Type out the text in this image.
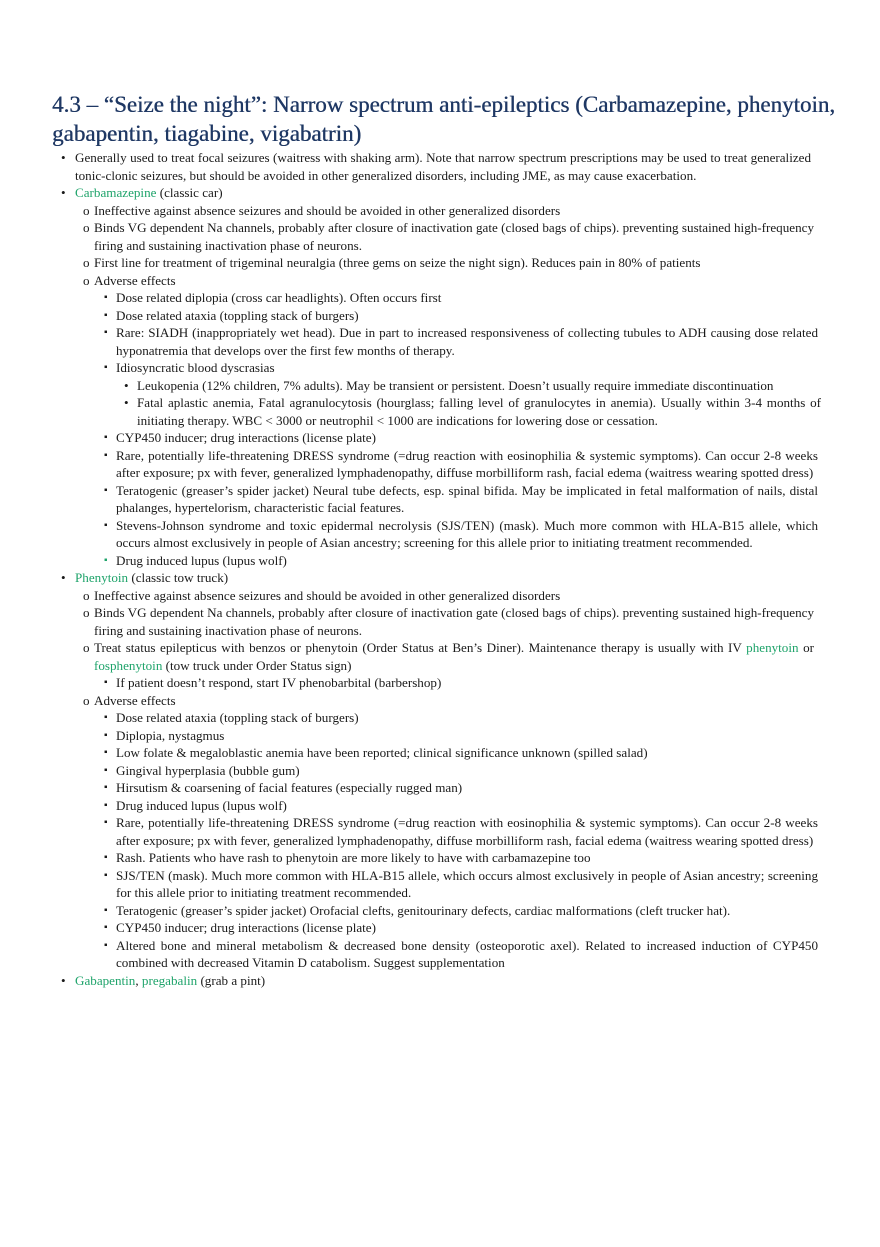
4.3 – “Seize the night”: Narrow spectrum anti-epileptics (Carbamazepine, phenytoin, gabapentin, tiagabine, vigabatrin)
• Generally used to treat focal seizures (waitress with shaking arm). Note that narrow spectrum prescriptions may be used to treat generalized tonic-clonic seizures, but should be avoided in other generalized disorders, including JME, as may cause exacerbation.
• Carbamazepine (classic car)
o Ineffective against absence seizures and should be avoided in other generalized disorders
o Binds VG dependent Na channels, probably after closure of inactivation gate (closed bags of chips). preventing sustained high-frequency firing and sustaining inactivation phase of neurons.
o First line for treatment of trigeminal neuralgia (three gems on seize the night sign). Reduces pain in 80% of patients
o Adverse effects
▪ Dose related diplopia (cross car headlights). Often occurs first
▪ Dose related ataxia (toppling stack of burgers)
▪ Rare: SIADH (inappropriately wet head). Due in part to increased responsiveness of collecting tubules to ADH causing dose related hyponatremia that develops over the first few months of therapy.
▪ Idiosyncratic blood dyscrasias
• Leukopenia (12% children, 7% adults). May be transient or persistent. Doesn’t usually require immediate discontinuation
• Fatal aplastic anemia, Fatal agranulocytosis (hourglass; falling level of granulocytes in anemia). Usually within 3-4 months of initiating therapy. WBC < 3000 or neutrophil < 1000 are indications for lowering dose or cessation.
▪ CYP450 inducer; drug interactions (license plate)
▪ Rare, potentially life-threatening DRESS syndrome (=drug reaction with eosinophilia & systemic symptoms). Can occur 2-8 weeks after exposure; px with fever, generalized lymphadenopathy, diffuse morbilliform rash, facial edema (waitress wearing spotted dress)
▪ Teratogenic (greaser’s spider jacket) Neural tube defects, esp. spinal bifida. May be implicated in fetal malformation of nails, distal phalanges, hypertelorism, characteristic facial features.
▪ Stevens-Johnson syndrome and toxic epidermal necrolysis (SJS/TEN) (mask). Much more common with HLA-B15 allele, which occurs almost exclusively in people of Asian ancestry; screening for this allele prior to initiating treatment recommended.
▪ Drug induced lupus (lupus wolf)
• Phenytoin (classic tow truck)
o Ineffective against absence seizures and should be avoided in other generalized disorders
o Binds VG dependent Na channels, probably after closure of inactivation gate (closed bags of chips). preventing sustained high-frequency firing and sustaining inactivation phase of neurons.
o Treat status epilepticus with benzos or phenytoin (Order Status at Ben’s Diner). Maintenance therapy is usually with IV phenytoin or fosphenytoin (tow truck under Order Status sign)
▪ If patient doesn’t respond, start IV phenobarbital (barbershop)
o Adverse effects
▪ Dose related ataxia (toppling stack of burgers)
▪ Diplopia, nystagmus
▪ Low folate & megaloblastic anemia have been reported; clinical significance unknown (spilled salad)
▪ Gingival hyperplasia (bubble gum)
▪ Hirsutism & coarsening of facial features (especially rugged man)
▪ Drug induced lupus (lupus wolf)
▪ Rare, potentially life-threatening DRESS syndrome (=drug reaction with eosinophilia & systemic symptoms). Can occur 2-8 weeks after exposure; px with fever, generalized lymphadenopathy, diffuse morbilliform rash, facial edema (waitress wearing spotted dress)
▪ Rash. Patients who have rash to phenytoin are more likely to have with carbamazepine too
▪ SJS/TEN (mask). Much more common with HLA-B15 allele, which occurs almost exclusively in people of Asian ancestry; screening for this allele prior to initiating treatment recommended.
▪ Teratogenic (greaser’s spider jacket) Orofacial clefts, genitourinary defects, cardiac malformations (cleft trucker hat).
▪ CYP450 inducer; drug interactions (license plate)
▪ Altered bone and mineral metabolism & decreased bone density (osteoporotic axel). Related to increased induction of CYP450 combined with decreased Vitamin D catabolism. Suggest supplementation
• Gabapentin, pregabalin (grab a pint)
